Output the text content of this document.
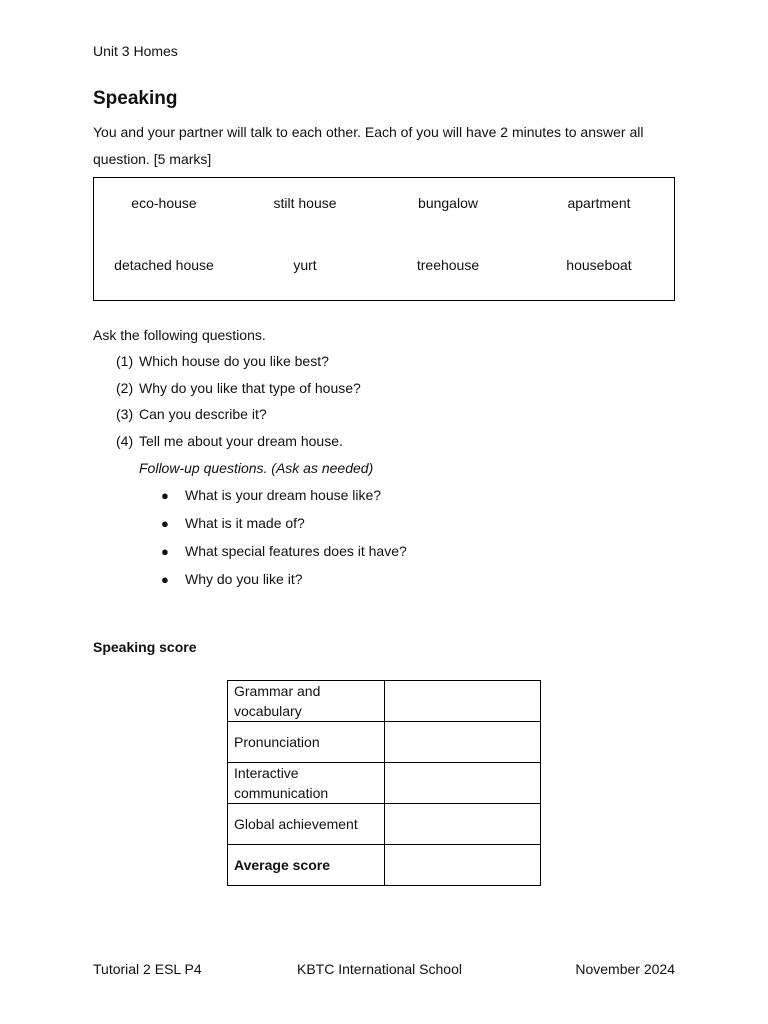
Unit 3 Homes
Speaking
You and your partner will talk to each other. Each of you will have 2 minutes to answer all question. [5 marks]
eco-house	stilt house	bungalow	apartment
detached house	yurt	treehouse	houseboat
Ask the following questions.
(1) Which house do you like best?
(2) Why do you like that type of house?
(3) Can you describe it?
(4) Tell me about your dream house.
Follow-up questions. (Ask as needed)
● What is your dream house like?
● What is it made of?
● What special features does it have?
● Why do you like it?
Speaking score
Grammar and vocabulary	
Pronunciation	
Interactive communication	
Global achievement	
Average score	
Tutorial 2 ESL P4	KBTC International School	November 2024
